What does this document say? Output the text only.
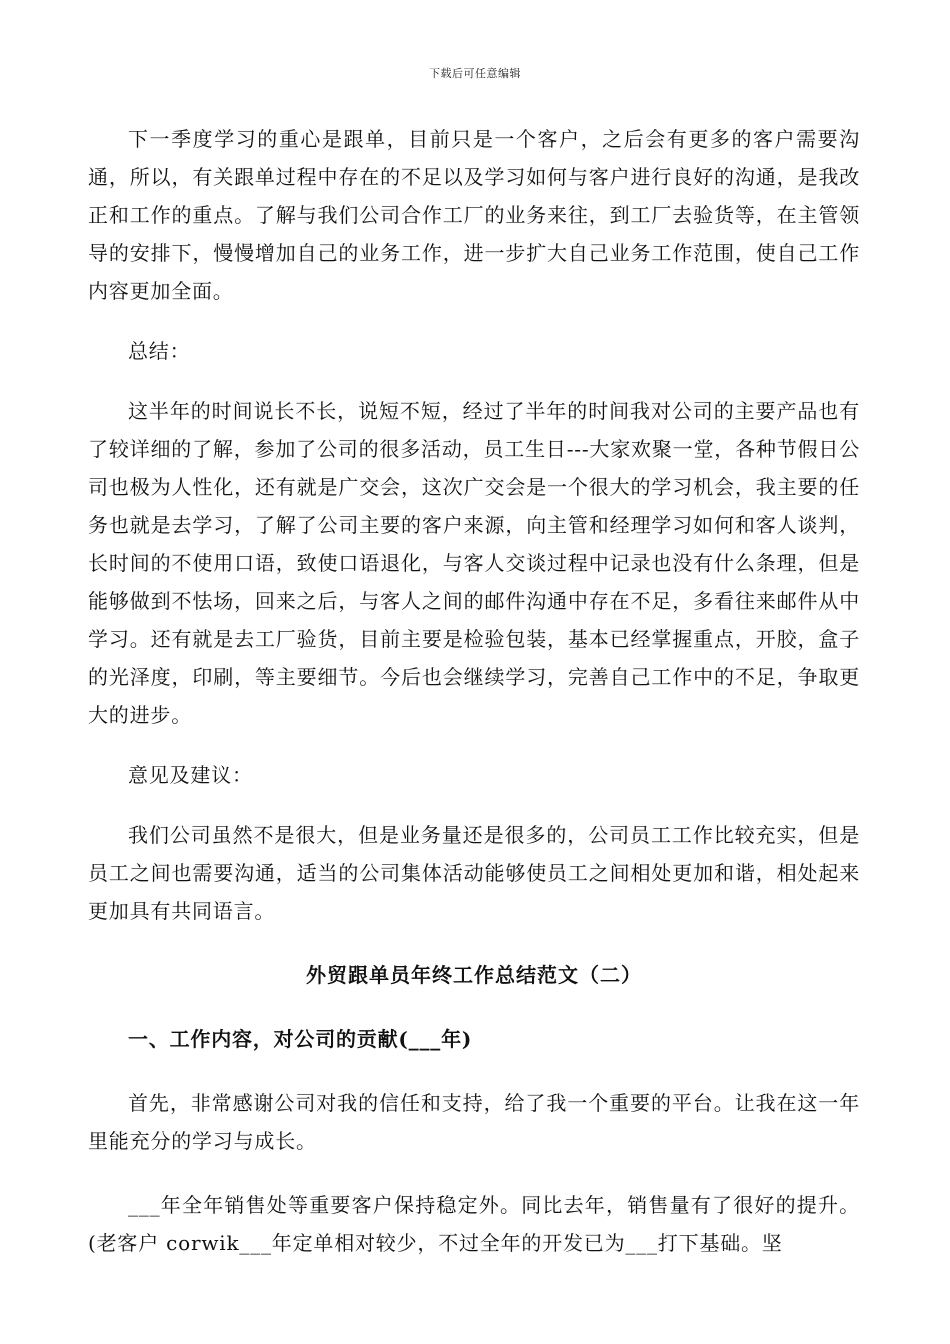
下载后可任意编辑

下一季度学习的重心是跟单，目前只是一个客户，之后会有更多的客户需要沟通，所以，有关跟单过程中存在的不足以及学习如何与客户进行良好的沟通，是我改正和工作的重点。了解与我们公司合作工厂的业务来往，到工厂去验货等，在主管领导的安排下，慢慢增加自己的业务工作，进一步扩大自己业务工作范围，使自己工作内容更加全面。

总结：

这半年的时间说长不长，说短不短，经过了半年的时间我对公司的主要产品也有了较详细的了解，参加了公司的很多活动，员工生日---大家欢聚一堂，各种节假日公司也极为人性化，还有就是广交会，这次广交会是一个很大的学习机会，我主要的任务也就是去学习，了解了公司主要的客户来源，向主管和经理学习如何和客人谈判，长时间的不使用口语，致使口语退化，与客人交谈过程中记录也没有什么条理，但是能够做到不怯场，回来之后，与客人之间的邮件沟通中存在不足，多看往来邮件从中学习。还有就是去工厂验货，目前主要是检验包装，基本已经掌握重点，开胶，盒子的光泽度，印刷，等主要细节。今后也会继续学习，完善自己工作中的不足，争取更大的进步。

意见及建议：

我们公司虽然不是很大，但是业务量还是很多的，公司员工工作比较充实，但是员工之间也需要沟通，适当的公司集体活动能够使员工之间相处更加和谐，相处起来更加具有共同语言。

外贸跟单员年终工作总结范文（二）
一、工作内容，对公司的贡献(___年)

首先，非常感谢公司对我的信任和支持，给了我一个重要的平台。让我在这一年里能充分的学习与成长。

___年全年销售处等重要客户保持稳定外。同比去年，销售量有了很好的提升。(老客户 corwik___年定单相对较少，不过全年的开发已为___打下基础。坚
